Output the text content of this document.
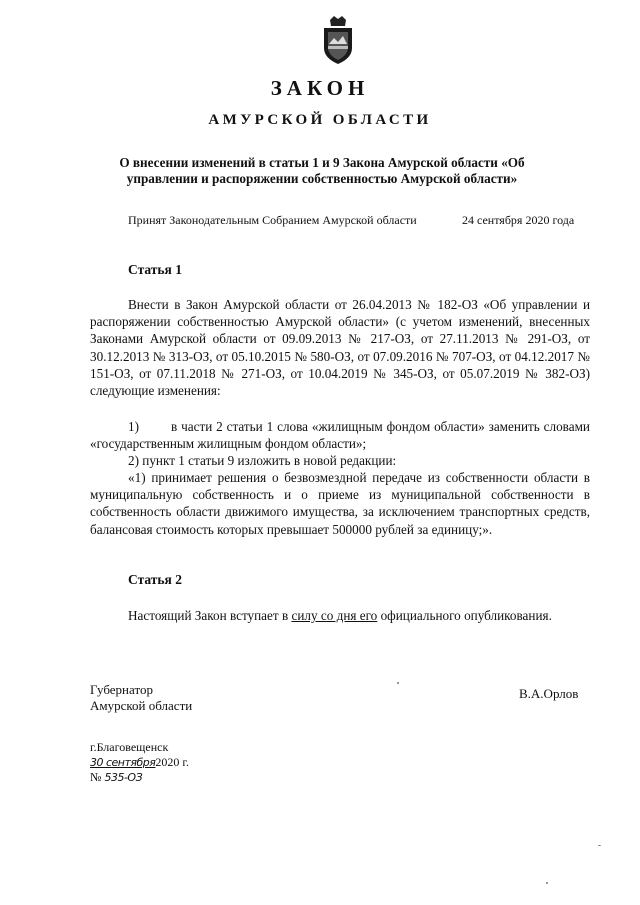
ЗАКОН
АМУРСКОЙ ОБЛАСТИ
О внесении изменений в статьи 1 и 9 Закона Амурской области «Об управлении и распоряжении собственностью Амурской области»
Принят Законодательным Собранием Амурской области	24 сентября 2020 года
Статья 1
Внести в Закон Амурской области от 26.04.2013 № 182-ОЗ «Об управлении и распоряжении собственностью Амурской области» (с учетом изменений, внесенных Законами Амурской области от 09.09.2013 № 217-ОЗ, от 27.11.2013 № 291-ОЗ, от 30.12.2013 № 313-ОЗ, от 05.10.2015 № 580-ОЗ, от 07.09.2016 № 707-ОЗ, от 04.12.2017 № 151-ОЗ, от 07.11.2018 № 271-ОЗ, от 10.04.2019 № 345-ОЗ, от 05.07.2019 № 382-ОЗ) следующие изменения:
1) в части 2 статьи 1 слова «жилищным фондом области» заменить словами «государственным жилищным фондом области»;
2) пункт 1 статьи 9 изложить в новой редакции:
«1) принимает решения о безвозмездной передаче из собственности области в муниципальную собственность и о приеме из муниципальной собственности в собственность области движимого имущества, за исключением транспортных средств, балансовая стоимость которых превышает 500000 рублей за единицу;».
Статья 2
Настоящий Закон вступает в силу со дня его официального опубликования.
Губернатор
Амурской области
В.А.Орлов
г.Благовещенск
30 сентября2020 г.
№ 535-ОЗ
